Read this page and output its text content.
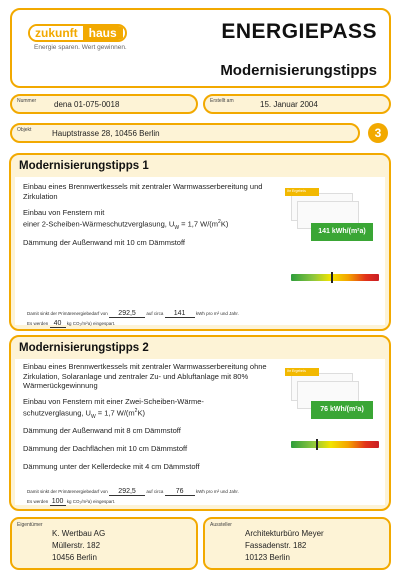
zukunft haus
Energie sparen. Wert gewinnen.
ENERGIEPASS
Modernisierungstipps
Nummer dena 01-075-0018	Erstellt am	15. Januar 2004
Objekt	Hauptstrasse 28, 10456 Berlin	3
Modernisierungstipps 1
Einbau eines Brennwertkessels mit zentraler Warmwasserbereitung und Zirkulation
Einbau von Fenstern mit
einer 2-Scheiben-Wärmeschutzverglasung, $U_W = 1,7$ $W/(m^2K)$
Dämmung der Außenwand mit 10 cm Dämmstoff
Ihr Ergebnis
141 kWh/(m²a)
Damit sinkt der Primärenergiebedarf von 292,5 auf circa 141 kWh pro m² und Jahr.
Es werden 40 kg CO₂/m²a) eingespart.
Modernisierungstipps 2
Einbau eines Brennwertkessels mit zentraler Warmwasserbereitung ohne Zirkulation, Solaranlage und zentraler Zu- und Abluftanlage mit 80% Wärmerückgewinnung
Einbau von Fenstern mit einer Zwei-Scheiben-Wärme-
schutzverglasung, $U_W = 1,7$ $W/(m^2K)$
Dämmung der Außenwand mit 8 cm Dämmstoff
Dämmung der Dachflächen mit 10 cm Dämmstoff
Dämmung unter der Kellerdecke mit 4 cm Dämmstoff
Ihr Ergebnis
76 kWh/(m²a)
Damit sinkt der Primärenergiebedarf von 292,5 auf circa 76	kWh pro m² und Jahr.
Es werden 100 kg CO₂/m²a) eingespart.
Eigentümer
K. Wertbau AG
Müllerstr. 182
10456 Berlin
Aussteller
Architekturbüro Meyer
Fassadenstr. 182
10123 Berlin
